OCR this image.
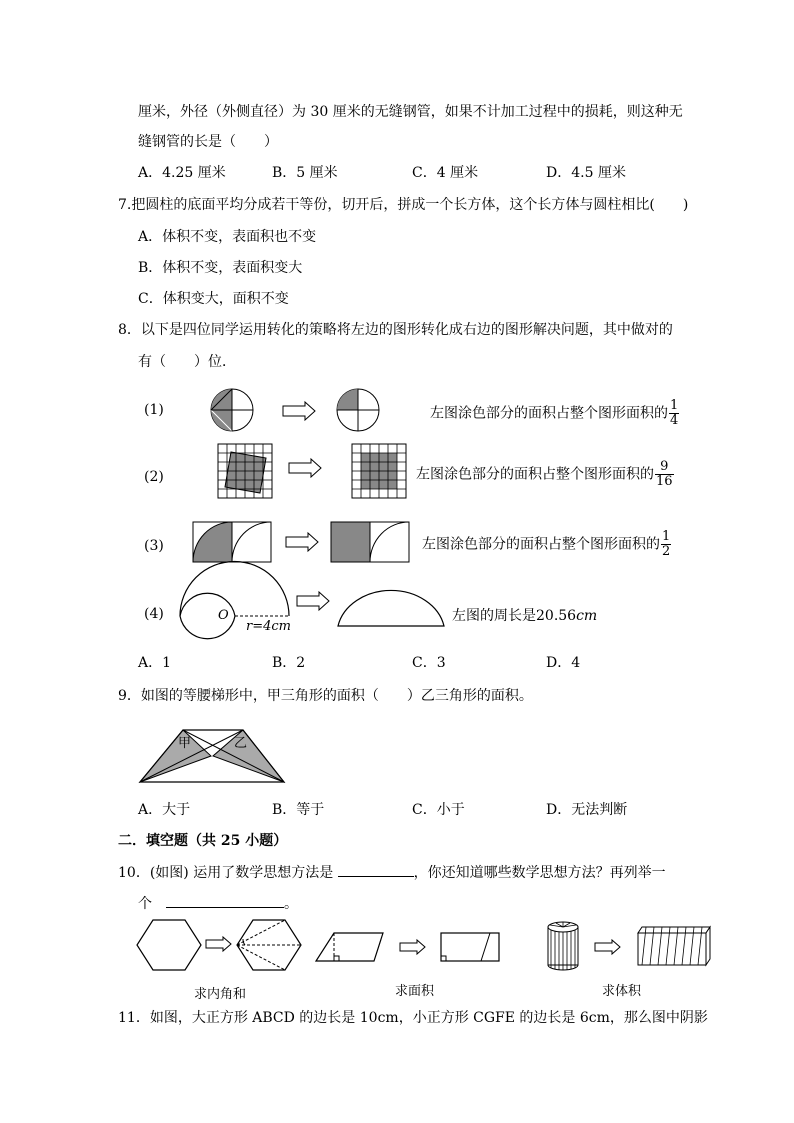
厘米，外径（外侧直径）为 30 厘米的无缝钢管，如果不计加工过程中的损耗，则这种无
缝钢管的长是（　　）
A．4.25 厘米	B．5 厘米	C．4 厘米	D．4.5 厘米
7.把圆柱的底面平均分成若干等份，切开后，拼成一个长方体，这个长方体与圆柱相比(　　)
A．体积不变，表面积也不变
B．体积不变，表面积变大
C．体积变大，面积不变
8．以下是四位同学运用转化的策略将左边的图形转化成右边的图形解决问题，其中做对的
有（　　）位．
(1)	左图涂色部分的面积占整个图形面积的 $\frac{1}{4}$
(2)	左图涂色部分的面积占整个图形面积的 $\frac{9}{16}$
(3)	左图涂色部分的面积占整个图形面积的 $\frac{1}{2}$
(4)	O
r=4cm
左图的周长是20.56cm
A．1	B．2	C．3	D．4
9．如图的等腰梯形中，甲三角形的面积（　　）乙三角形的面积。
甲	乙
A．大于	B．等于	C．小于	D．无法判断
二．填空题（共 25 小题）
10．(如图) 运用了数学思想方法是	，你还知道哪些数学思想方法？再列举一
个　	。
求内角和	求面积	求体积
11．如图，大正方形 ABCD 的边长是 10cm，小正方形 CGFE 的边长是 6cm，那么图中阴影
